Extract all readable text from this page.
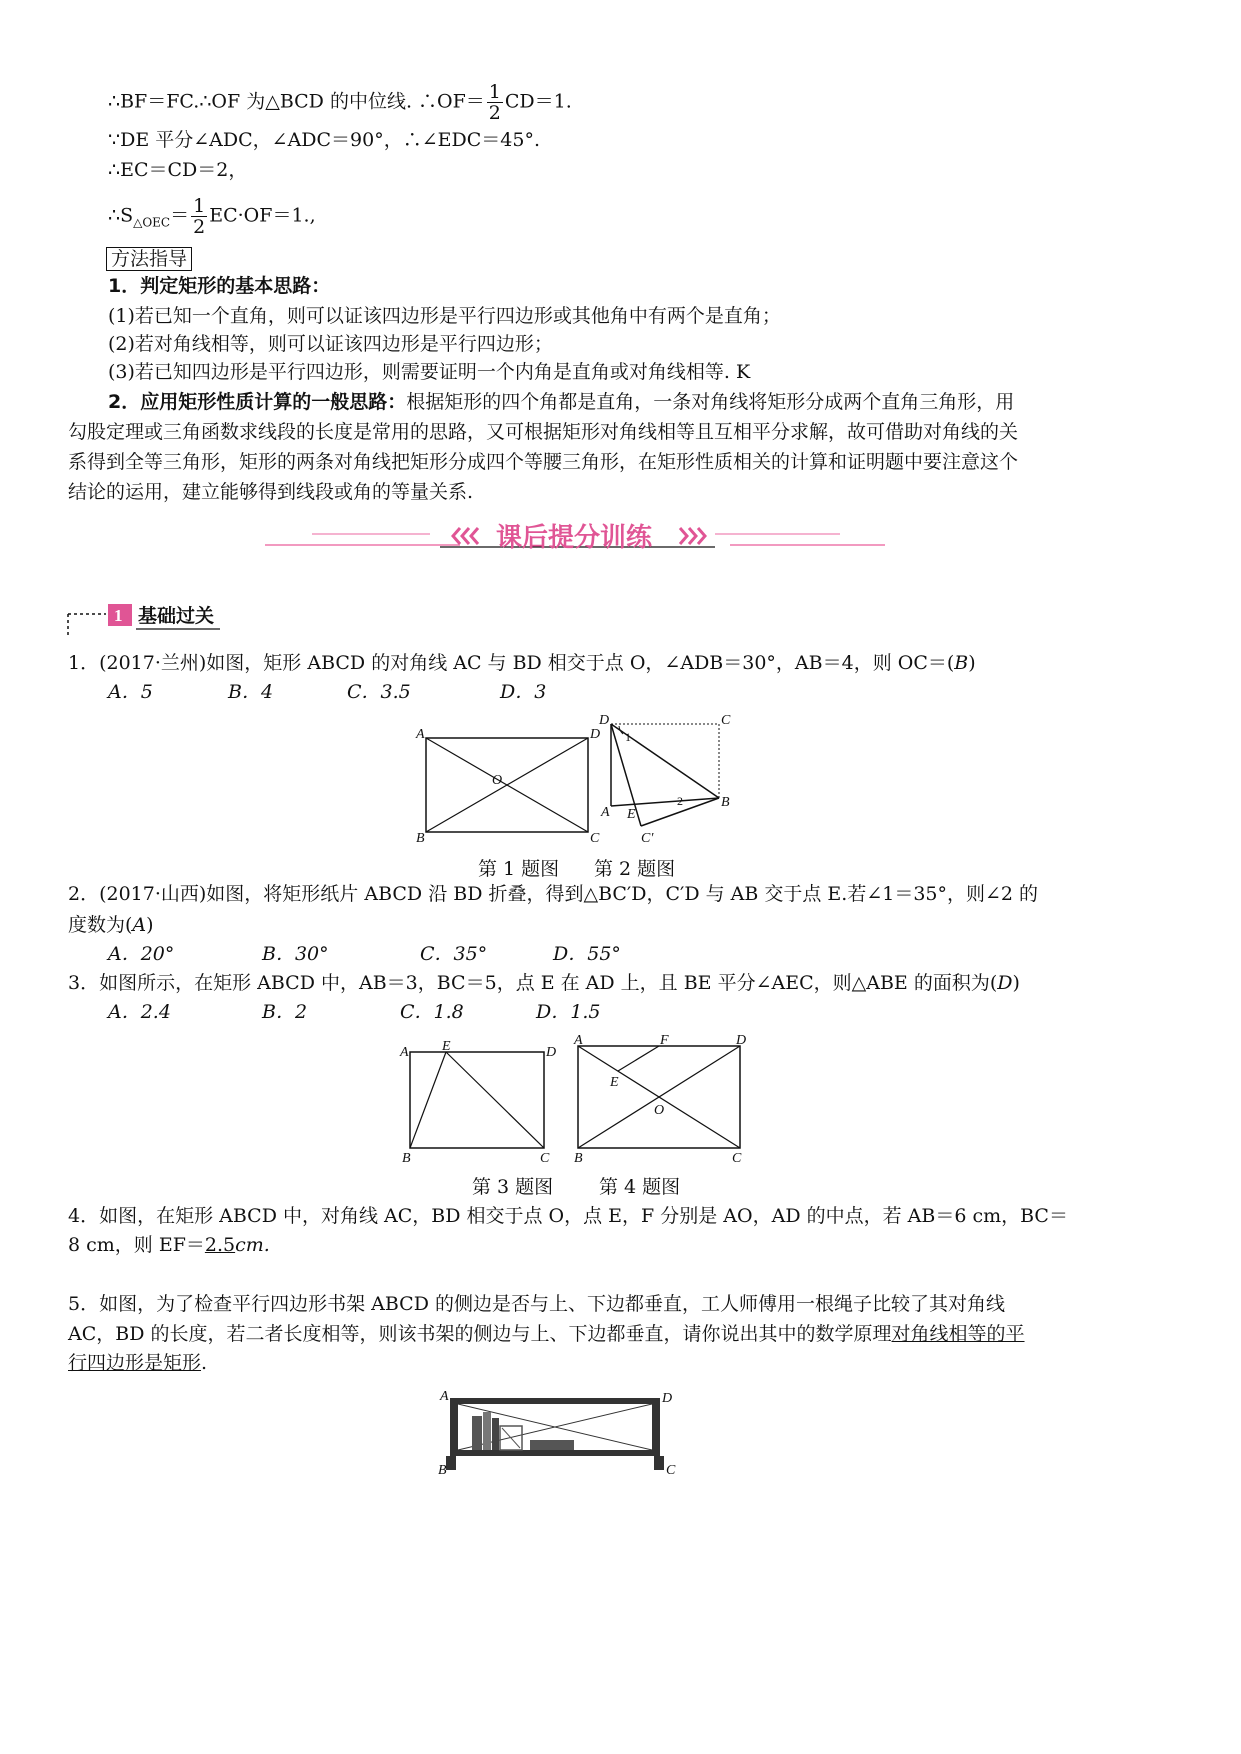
∴BF＝FC.∴OF 为△BCD 的中位线. ∴OF＝ $\frac{1}{2} CD=1$.
∵DE 平分∠ADC，∠ADC＝90°，∴∠EDC＝45°.
∴EC＝CD＝2，
$\therefore S_{\triangle OEC}= \frac{1}{2} EC\cdot OF=1$.,
方法指导
1．判定矩形的基本思路：
(1)若已知一个直角，则可以证该四边形是平行四边形或其他角中有两个是直角；
(2)若对角线相等，则可以证该四边形是平行四边形；
(3)若已知四边形是平行四边形，则需要证明一个内角是直角或对角线相等. K
2．应用矩形性质计算的一般思路：根据矩形的四个角都是直角，一条对角线将矩形分成两个直角三角形，用
勾股定理或三角函数求线段的长度是常用的思路，又可根据矩形对角线相等且互相平分求解，故可借助对角线的关
系得到全等三角形，矩形的两条对角线把矩形分成四个等腰三角形，在矩形性质相关的计算和证明题中要注意这个
结论的运用，建立能够得到线段或角的等量关系.
课后提分训练
1 基础过关
1．(2017·兰州)如图，矩形 ABCD 的对角线 AC 与 BD 相交于点 O，∠ADB＝30°，AB＝4，则 OC＝(B)
A．5	B．4	C．3.5	D．3
A	D
O
B	C
D	C
1
2
A E
B
C′
第 1 题图 第 2 题图
2．(2017·山西)如图，将矩形纸片 ABCD 沿 BD 折叠，得到△BC′D，C′D 与 AB 交于点 E.若∠1＝35°，则∠2 的
度数为(A)
A．20°	B．30°	C．35°	D．55°
3．如图所示，在矩形 ABCD 中，AB＝3，BC＝5，点 E 在 AD 上，且 BE 平分∠AEC，则△ABE 的面积为(D)
A．2.4	B．2	C．1.8	D．1.5
A E	D
B	C
A	F	D
E
O
B	C
第 3 题图 第 4 题图
4．如图，在矩形 ABCD 中，对角线 AC，BD 相交于点 O，点 E，F 分别是 AO，AD 的中点，若 AB＝6 cm，BC＝
8 cm，则 EF＝2.5cm.
5．如图，为了检查平行四边形书架 ABCD 的侧边是否与上、下边都垂直，工人师傅用一根绳子比较了其对角线
AC，BD 的长度，若二者长度相等，则该书架的侧边与上、下边都垂直，请你说出其中的数学原理对角线相等的平
行四边形是矩形.
A	D
B	C
